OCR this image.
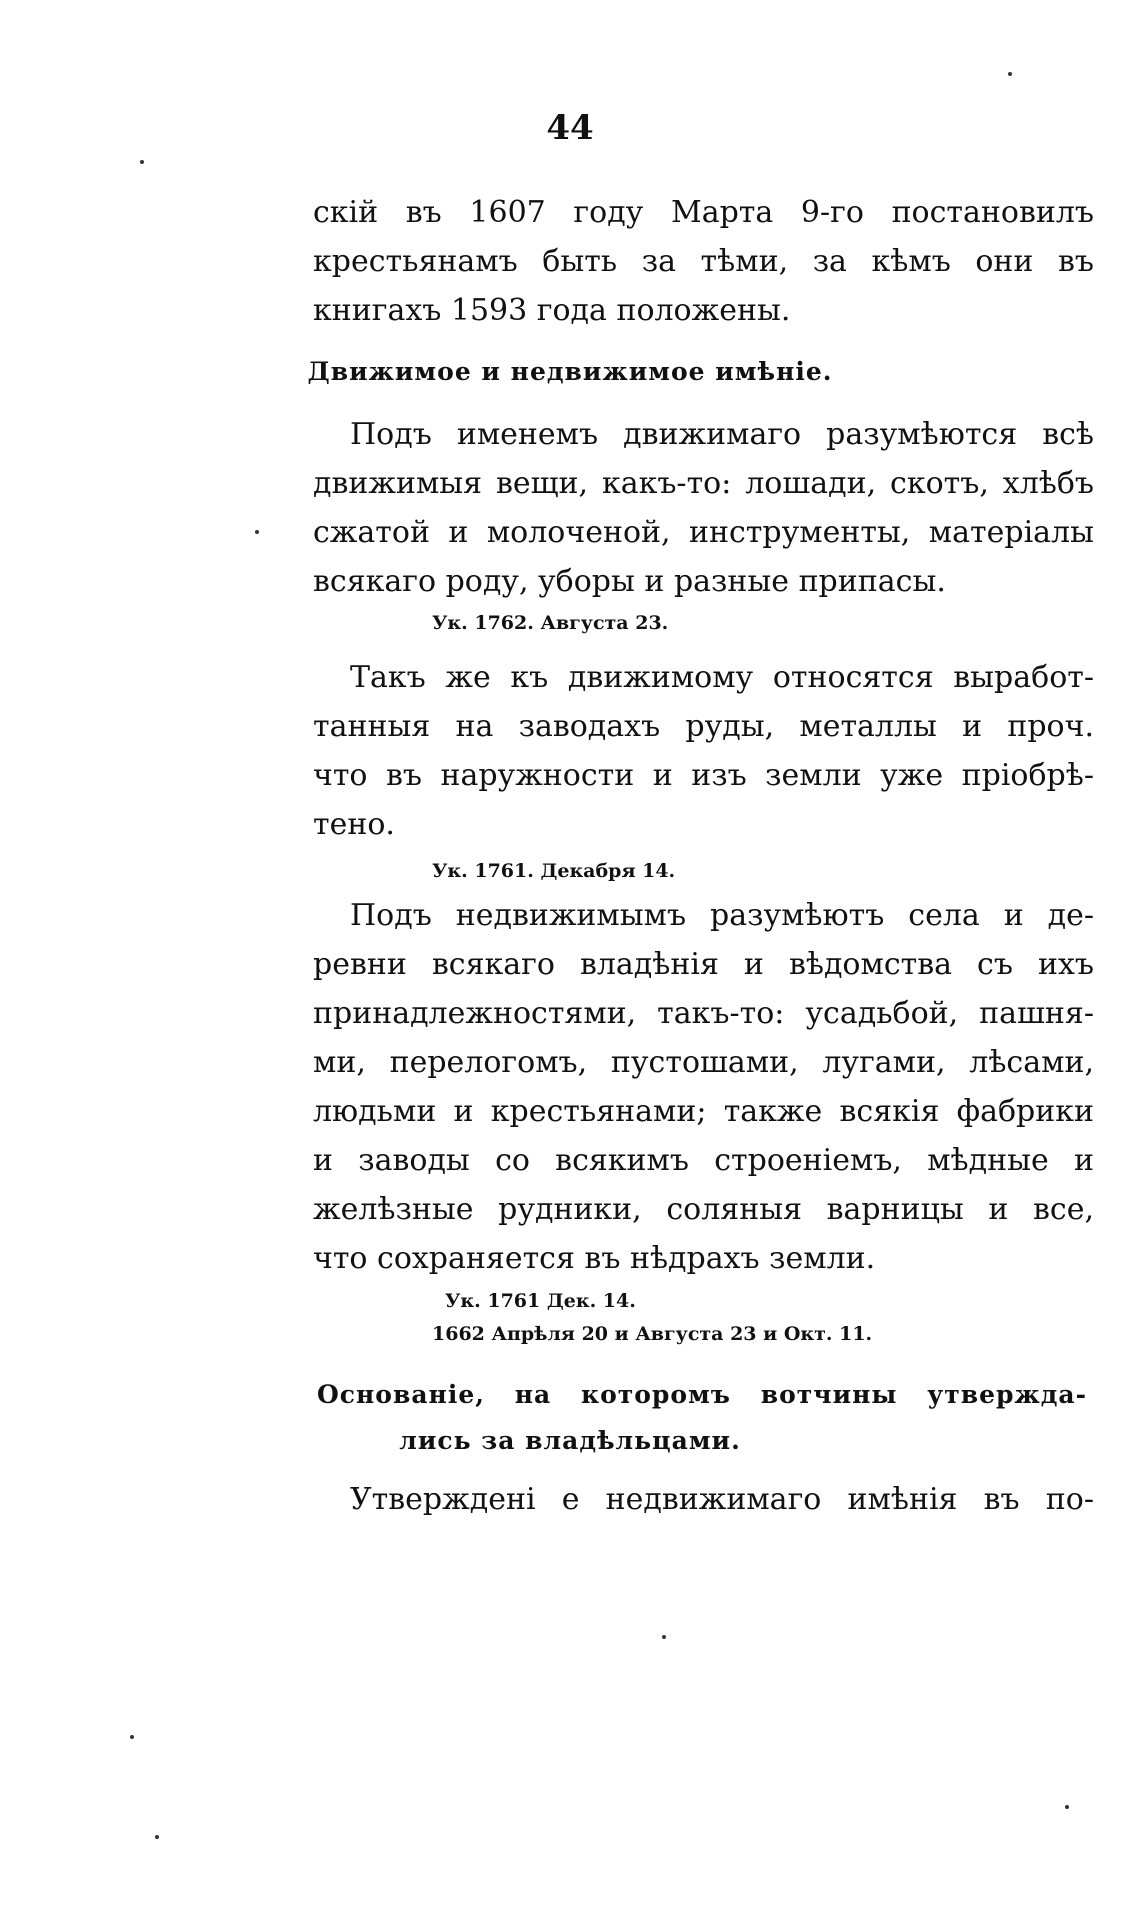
44
скій въ 1607 году Марта 9-го постановилъ
крестьянамъ быть за тѣми, за кѣмъ они въ
книгахъ 1593 года положены.
Движимое и недвижимое имѣніе.
Подъ именемъ движимаго разумѣются всѣ
движимыя вещи, какъ-то: лошади, скотъ, хлѣбъ
сжатой и молоченой, инструменты, матеріалы
всякаго роду, уборы и разные припасы.
Ук. 1762. Августа 23.
Такъ же къ движимому относятся выработ-
танныя на заводахъ руды, металлы и проч.
что въ наружности и изъ земли уже пріобрѣ-
тено.
Ук. 1761. Декабря 14.
Подъ недвижимымъ разумѣютъ села и де-
ревни всякаго владѣнія и вѣдомства съ ихъ
принадлежностями, такъ-то: усадьбой, пашня-
ми, перелогомъ, пустошами, лугами, лѣсами,
людьми и крестьянами; также всякія фабрики
и заводы со всякимъ строеніемъ, мѣдные и
желѣзные рудники, соляныя варницы и все,
что сохраняется въ нѣдрахъ земли.
Ук. 1761 Дек. 14.
1662 Апрѣля 20 и Августа 23 и Окт. 11.
Основаніе, на которомъ вотчины утвержда-
лись за владѣльцами.
Утверждені е недвижимаго имѣнія въ по-
